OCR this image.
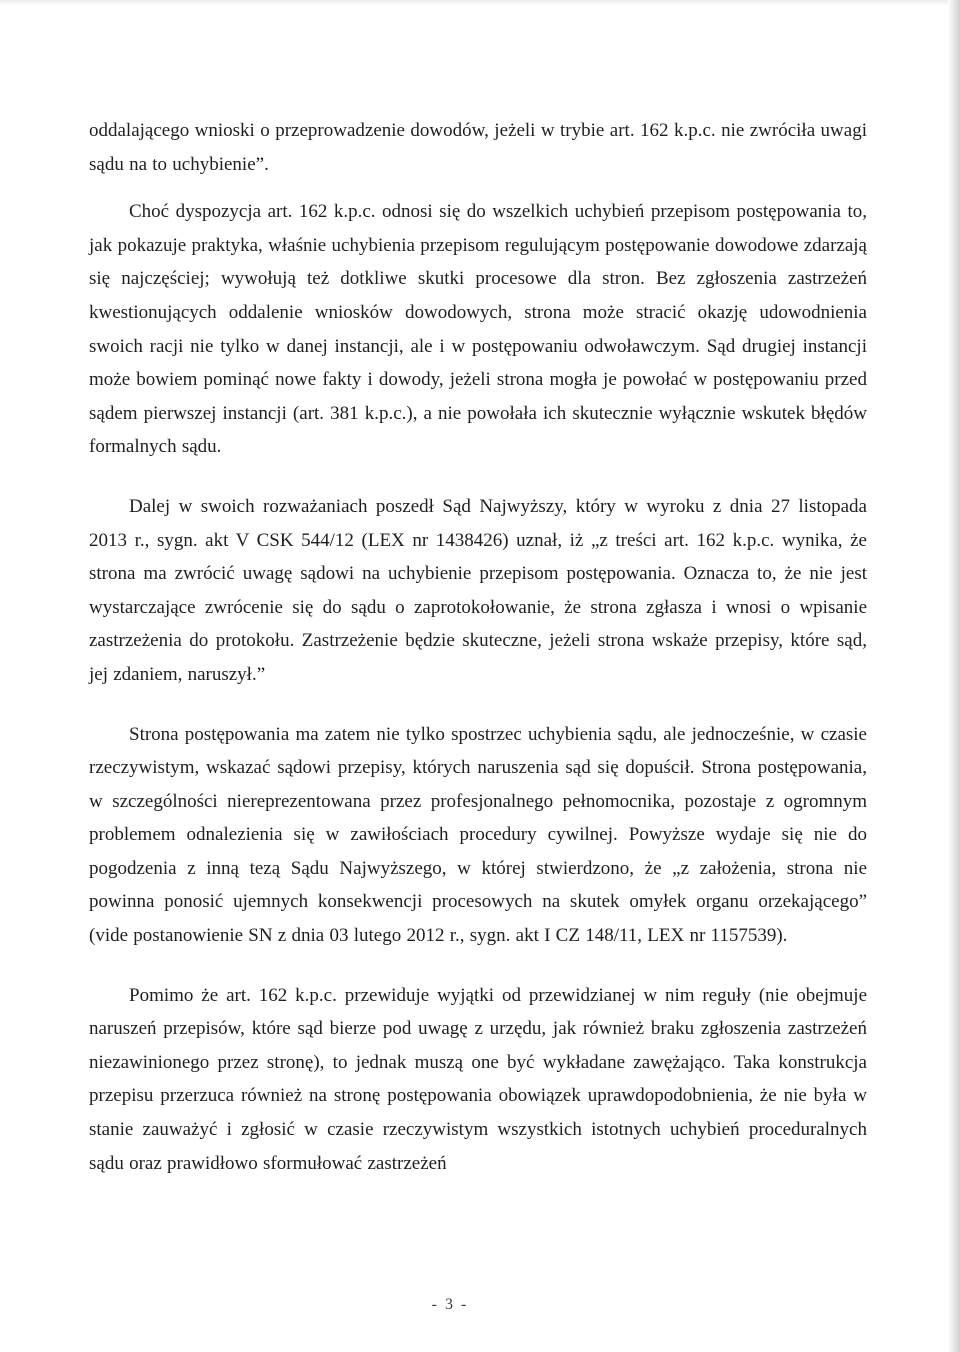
oddalającego wnioski o przeprowadzenie dowodów, jeżeli w trybie art. 162 k.p.c. nie zwróciła uwagi sądu na to uchybienie”.

Choć dyspozycja art. 162 k.p.c. odnosi się do wszelkich uchybień przepisom postępowania to, jak pokazuje praktyka, właśnie uchybienia przepisom regulującym postępowanie dowodowe zdarzają się najczęściej; wywołują też dotkliwe skutki procesowe dla stron. Bez zgłoszenia zastrzeżeń kwestionujących oddalenie wniosków dowodowych, strona może stracić okazję udowodnienia swoich racji nie tylko w danej instancji, ale i w postępowaniu odwoławczym. Sąd drugiej instancji może bowiem pominąć nowe fakty i dowody, jeżeli strona mogła je powołać w postępowaniu przed sądem pierwszej instancji (art. 381 k.p.c.), a nie powołała ich skutecznie wyłącznie wskutek błędów formalnych sądu.

Dalej w swoich rozważaniach poszedł Sąd Najwyższy, który w wyroku z dnia 27 listopada 2013 r., sygn. akt V CSK 544/12 (LEX nr 1438426) uznał, iż „z treści art. 162 k.p.c. wynika, że strona ma zwrócić uwagę sądowi na uchybienie przepisom postępowania. Oznacza to, że nie jest wystarczające zwrócenie się do sądu o zaprotokołowanie, że strona zgłasza i wnosi o wpisanie zastrzeżenia do protokołu. Zastrzeżenie będzie skuteczne, jeżeli strona wskaże przepisy, które sąd, jej zdaniem, naruszył.”

Strona postępowania ma zatem nie tylko spostrzec uchybienia sądu, ale jednocześnie, w czasie rzeczywistym, wskazać sądowi przepisy, których naruszenia sąd się dopuścił. Strona postępowania, w szczególności niereprezentowana przez profesjonalnego pełnomocnika, pozostaje z ogromnym problemem odnalezienia się w zawiłościach procedury cywilnej. Powyższe wydaje się nie do pogodzenia z inną tezą Sądu Najwyższego, w której stwierdzono, że „z założenia, strona nie powinna ponosić ujemnych konsekwencji procesowych na skutek omyłek organu orzekającego” (vide postanowienie SN z dnia 03 lutego 2012 r., sygn. akt I CZ 148/11, LEX nr 1157539).

Pomimo że art. 162 k.p.c. przewiduje wyjątki od przewidzianej w nim reguły (nie obejmuje naruszeń przepisów, które sąd bierze pod uwagę z urzędu, jak również braku zgłoszenia zastrzeżeń niezawinionego przez stronę), to jednak muszą one być wykładane zawężająco. Taka konstrukcja przepisu przerzuca również na stronę postępowania obowiązek uprawdopodobnienia, że nie była w stanie zauważyć i zgłosić w czasie rzeczywistym wszystkich istotnych uchybień proceduralnych sądu oraz prawidłowo sformułować zastrzeżeń

- 3 -
